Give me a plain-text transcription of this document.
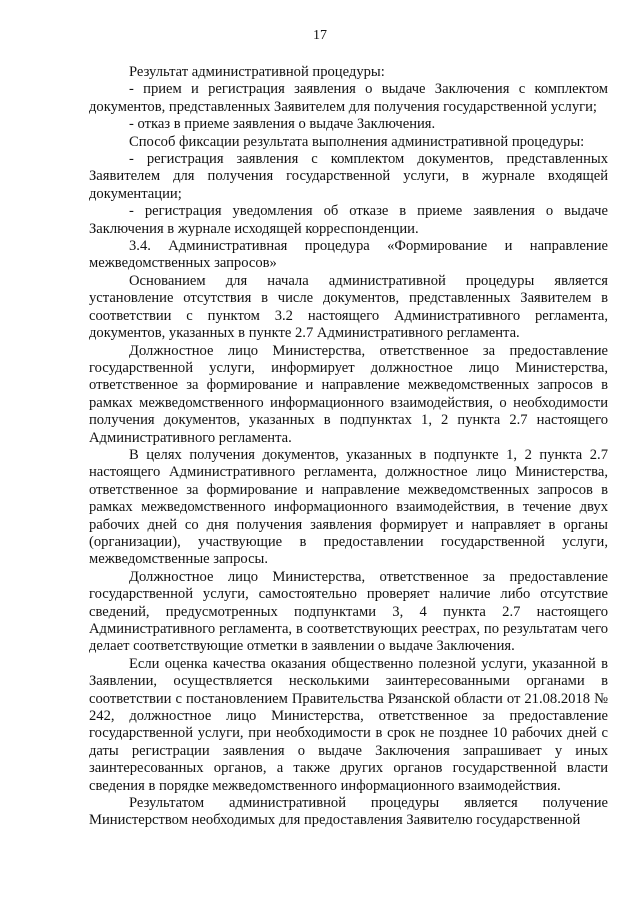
17

Результат административной процедуры:

- прием и регистрация заявления о выдаче Заключения с комплектом документов, представленных Заявителем для получения государственной услуги;

- отказ в приеме заявления о выдаче Заключения.

Способ фиксации результата выполнения административной процедуры:

- регистрация заявления с комплектом документов, представленных Заявителем для получения государственной услуги, в журнале входящей документации;

- регистрация уведомления об отказе в приеме заявления о выдаче Заключения в журнале исходящей корреспонденции.

3.4. Административная процедура «Формирование и направление межведомственных запросов»

Основанием для начала административной процедуры является установление отсутствия в числе документов, представленных Заявителем в соответствии с пунктом 3.2 настоящего Административного регламента, документов, указанных в пункте 2.7 Административного регламента.

Должностное лицо Министерства, ответственное за предоставление государственной услуги, информирует должностное лицо Министерства, ответственное за формирование и направление межведомственных запросов в рамках межведомственного информационного взаимодействия, о необходимости получения документов, указанных в подпунктах 1, 2 пункта 2.7 настоящего Административного регламента.

В целях получения документов, указанных в подпункте 1, 2 пункта 2.7 настоящего Административного регламента, должностное лицо Министерства, ответственное за формирование и направление межведомственных запросов в рамках межведомственного информационного взаимодействия, в течение двух рабочих дней со дня получения заявления формирует и направляет в органы (организации), участвующие в предоставлении государственной услуги, межведомственные запросы.

Должностное лицо Министерства, ответственное за предоставление государственной услуги, самостоятельно проверяет наличие либо отсутствие сведений, предусмотренных подпунктами 3, 4 пункта 2.7 настоящего Административного регламента, в соответствующих реестрах, по результатам чего делает соответствующие отметки в заявлении о выдаче Заключения.

Если оценка качества оказания общественно полезной услуги, указанной в Заявлении, осуществляется несколькими заинтересованными органами в соответствии с постановлением Правительства Рязанской области от 21.08.2018 № 242, должностное лицо Министерства, ответственное за предоставление государственной услуги, при необходимости в срок не позднее 10 рабочих дней с даты регистрации заявления о выдаче Заключения запрашивает у иных заинтересованных органов, а также других органов государственной власти сведения в порядке межведомственного информационного взаимодействия.

Результатом административной процедуры является получение Министерством необходимых для предоставления Заявителю государственной
